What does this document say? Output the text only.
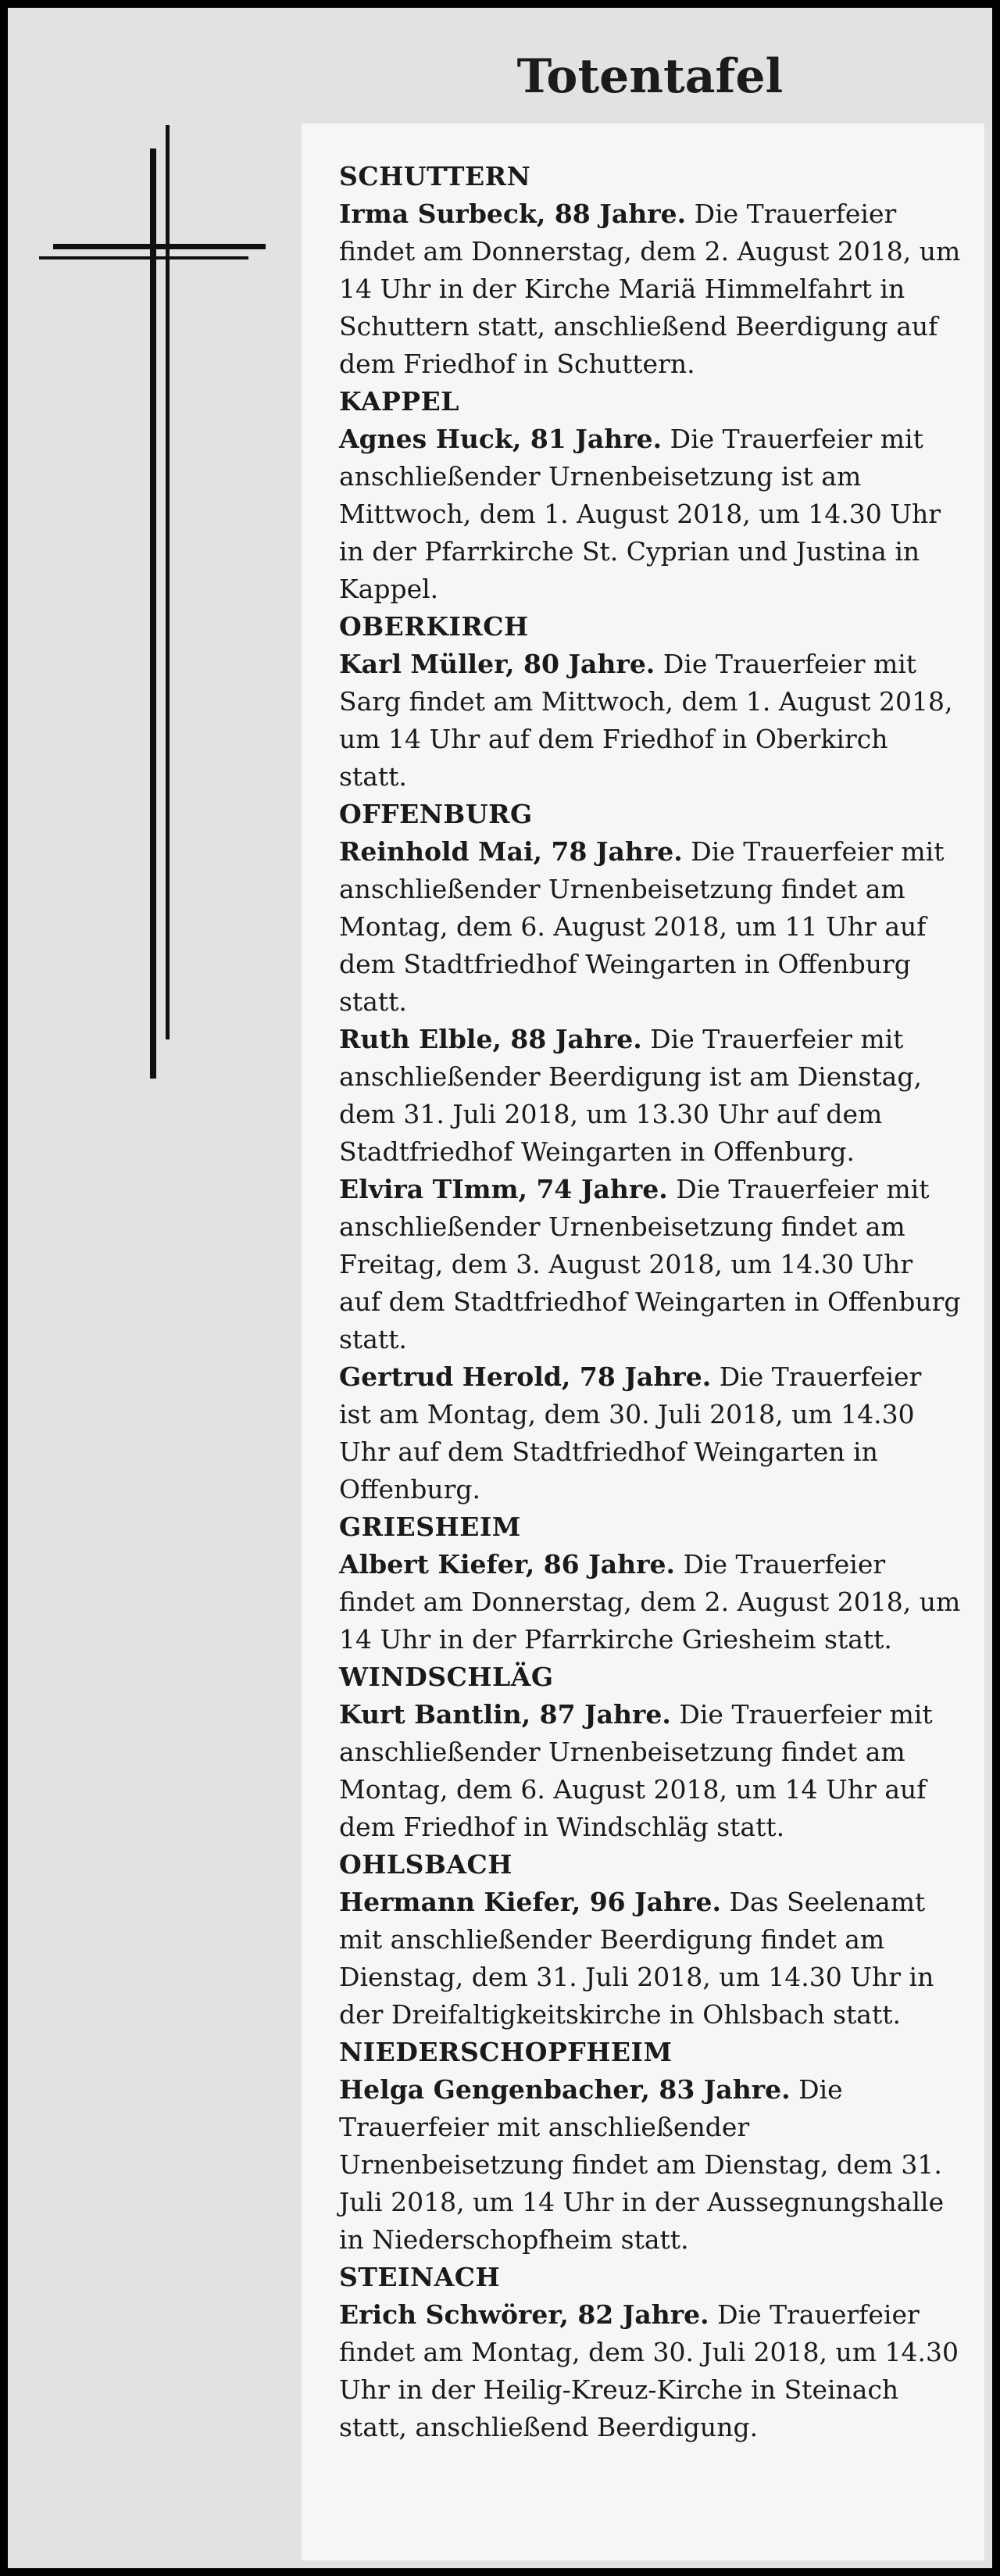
Totentafel

SCHUTTERN

Irma Surbeck, 88 Jahre. Die Trauerfeier findet am Donnerstag, dem 2. August 2018, um 14 Uhr in der Kirche Mariä Himmelfahrt in Schuttern statt, anschließend Beerdigung auf dem Friedhof in Schuttern.

KAPPEL

Agnes Huck, 81 Jahre. Die Trauerfeier mit anschließender Urnenbeisetzung ist am Mittwoch, dem 1. August 2018, um 14.30 Uhr in der Pfarrkirche St. Cyprian und Justina in Kappel.

OBERKIRCH

Karl Müller, 80 Jahre. Die Trauerfeier mit Sarg findet am Mittwoch, dem 1. August 2018, um 14 Uhr auf dem Friedhof in Oberkirch statt.

OFFENBURG

Reinhold Mai, 78 Jahre. Die Trauerfeier mit anschließender Urnenbeisetzung findet am Montag, dem 6. August 2018, um 11 Uhr auf dem Stadtfriedhof Weingarten in Offenburg statt.

Ruth Elble, 88 Jahre. Die Trauerfeier mit anschließender Beerdigung ist am Dienstag, dem 31. Juli 2018, um 13.30 Uhr auf dem Stadtfriedhof Weingarten in Offenburg.

Elvira TImm, 74 Jahre. Die Trauerfeier mit anschließender Urnenbeisetzung findet am Freitag, dem 3. August 2018, um 14.30 Uhr auf dem Stadtfriedhof Weingarten in Offenburg statt.

Gertrud Herold, 78 Jahre. Die Trauerfeier ist am Montag, dem 30. Juli 2018, um 14.30 Uhr auf dem Stadtfriedhof Weingarten in Offenburg.

GRIESHEIM

Albert Kiefer, 86 Jahre. Die Trauerfeier findet am Donnerstag, dem 2. August 2018, um 14 Uhr in der Pfarrkirche Griesheim statt.

WINDSCHLÄG

Kurt Bantlin, 87 Jahre. Die Trauerfeier mit anschließender Urnenbeisetzung findet am Montag, dem 6. August 2018, um 14 Uhr auf dem Friedhof in Windschläg statt.

OHLSBACH

Hermann Kiefer, 96 Jahre. Das Seelenamt mit anschließender Beerdigung findet am Dienstag, dem 31. Juli 2018, um 14.30 Uhr in der Dreifaltigkeitskirche in Ohlsbach statt.

NIEDERSCHOPFHEIM

Helga Gengenbacher, 83 Jahre. Die Trauerfeier mit anschließender Urnenbeisetzung findet am Dienstag, dem 31. Juli 2018, um 14 Uhr in der Aussegnungshalle in Niederschopfheim statt.

STEINACH

Erich Schwörer, 82 Jahre. Die Trauerfeier findet am Montag, dem 30. Juli 2018, um 14.30 Uhr in der Heilig-Kreuz-Kirche in Steinach statt, anschließend Beerdigung.
